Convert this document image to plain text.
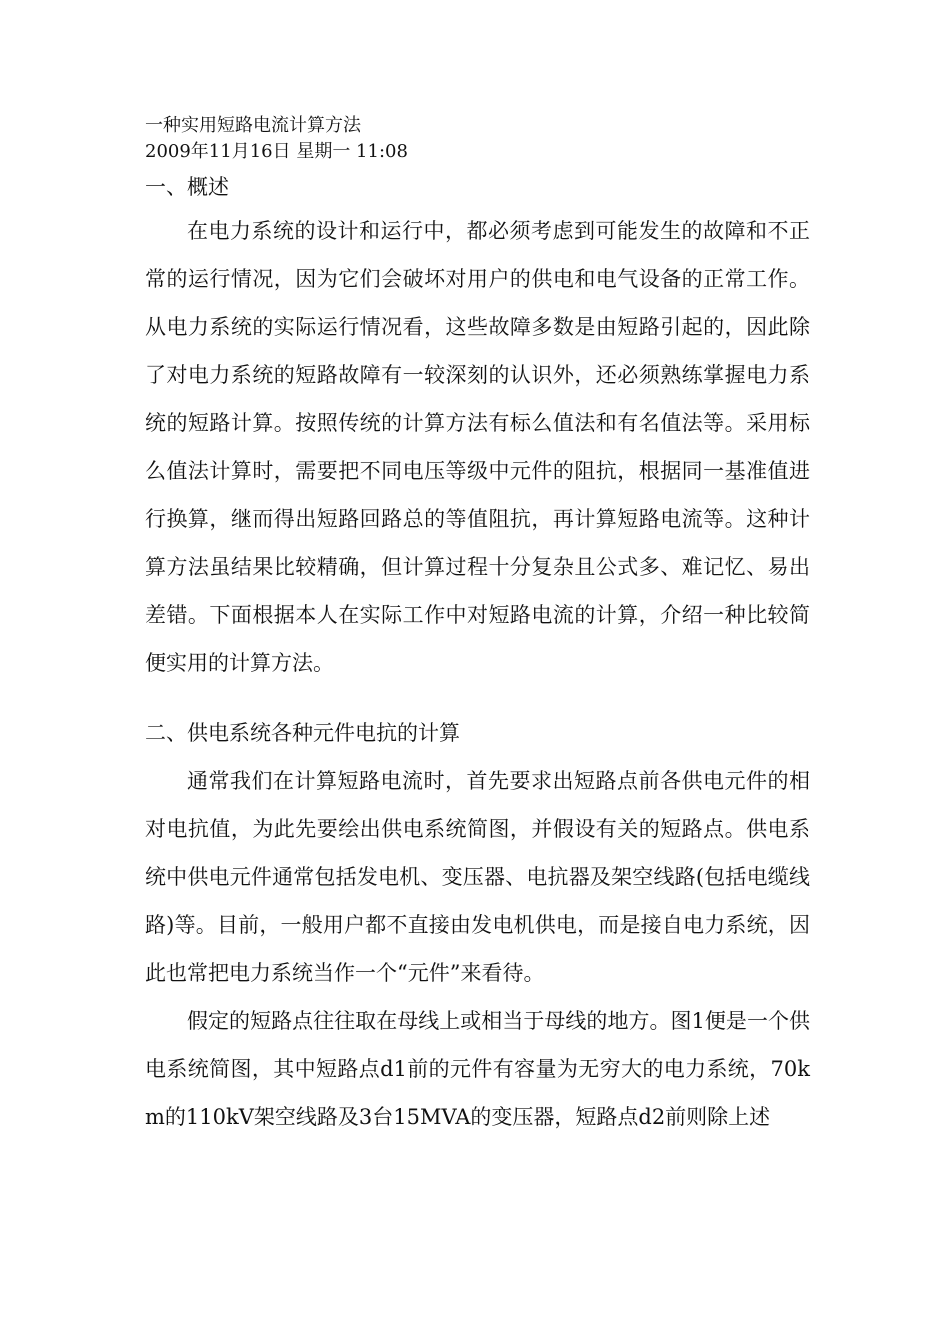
一种实用短路电流计算方法

2009年11月16日 星期一 11:08

一、概述

在电力系统的设计和运行中，都必须考虑到可能发生的故障和不正常的运行情况，因为它们会破坏对用户的供电和电气设备的正常工作。从电力系统的实际运行情况看，这些故障多数是由短路引起的，因此除了对电力系统的短路故障有一较深刻的认识外，还必须熟练掌握电力系统的短路计算。按照传统的计算方法有标么值法和有名值法等。采用标么值法计算时，需要把不同电压等级中元件的阻抗，根据同一基准值进行换算，继而得出短路回路总的等值阻抗，再计算短路电流等。这种计算方法虽结果比较精确，但计算过程十分复杂且公式多、难记忆、易出差错。下面根据本人在实际工作中对短路电流的计算，介绍一种比较简便实用的计算方法。

二、供电系统各种元件电抗的计算

通常我们在计算短路电流时，首先要求出短路点前各供电元件的相对电抗值，为此先要绘出供电系统简图，并假设有关的短路点。供电系统中供电元件通常包括发电机、变压器、电抗器及架空线路(包括电缆线路)等。目前，一般用户都不直接由发电机供电，而是接自电力系统，因此也常把电力系统当作一个“元件”来看待。

假定的短路点往往取在母线上或相当于母线的地方。图1便是一个供电系统简图，其中短路点d1前的元件有容量为无穷大的电力系统，70km的110kV架空线路及3台15MVA的变压器，短路点d2前则除上述
